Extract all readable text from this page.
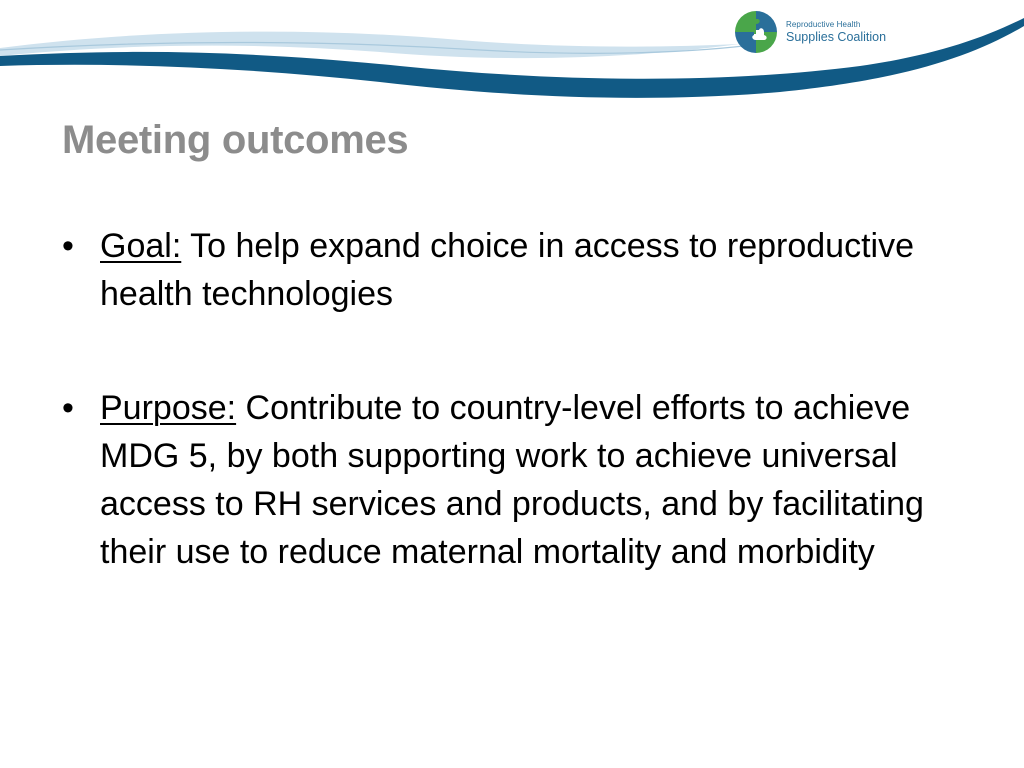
Reproductive Health
Supplies Coalition
Meeting outcomes
• Goal: To help expand choice in access to reproductive health technologies
• Purpose: Contribute to country-level efforts to achieve MDG 5, by both supporting work to achieve universal access to RH services and products, and by facilitating their use to reduce maternal mortality and morbidity
